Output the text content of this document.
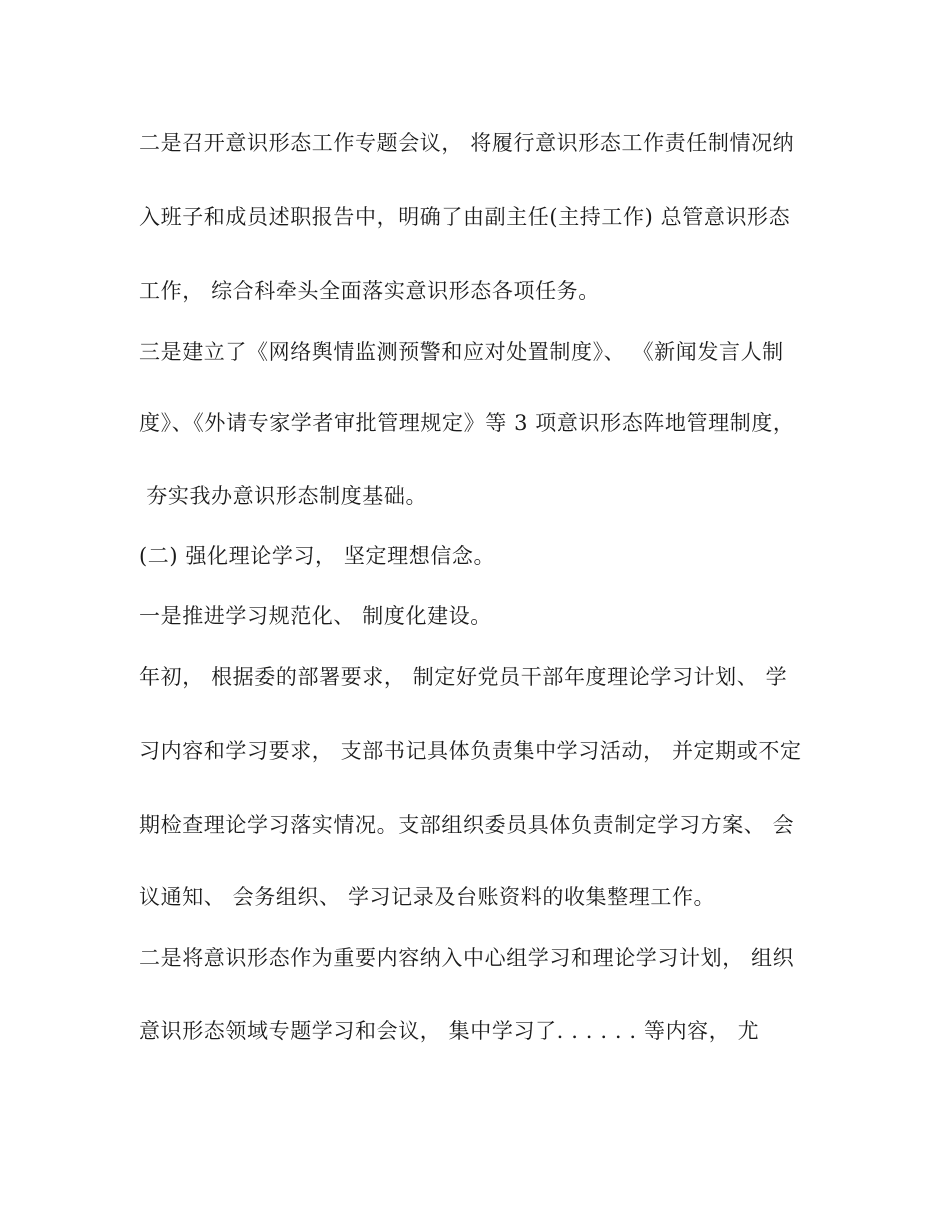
二是召开意识形态工作专题会议， 将履行意识形态工作责任制情况纳
入班子和成员述职报告中，明确了由副主任(主持工作) 总管意识形态
工作， 综合科牵头全面落实意识形态各项任务。
三是建立了《网络舆情监测预警和应对处置制度》、 《新闻发言人制
度》、《外请专家学者审批管理规定》等 3 项意识形态阵地管理制度，
夯实我办意识形态制度基础。
(二) 强化理论学习， 坚定理想信念。
一是推进学习规范化、 制度化建设。
年初， 根据委的部署要求， 制定好党员干部年度理论学习计划、 学
习内容和学习要求， 支部书记具体负责集中学习活动， 并定期或不定
期检查理论学习落实情况。支部组织委员具体负责制定学习方案、 会
议通知、 会务组织、 学习记录及台账资料的收集整理工作。
二是将意识形态作为重要内容纳入中心组学习和理论学习计划， 组织
意识形态领域专题学习和会议， 集中学习了. . . . . . 等内容， 尤
